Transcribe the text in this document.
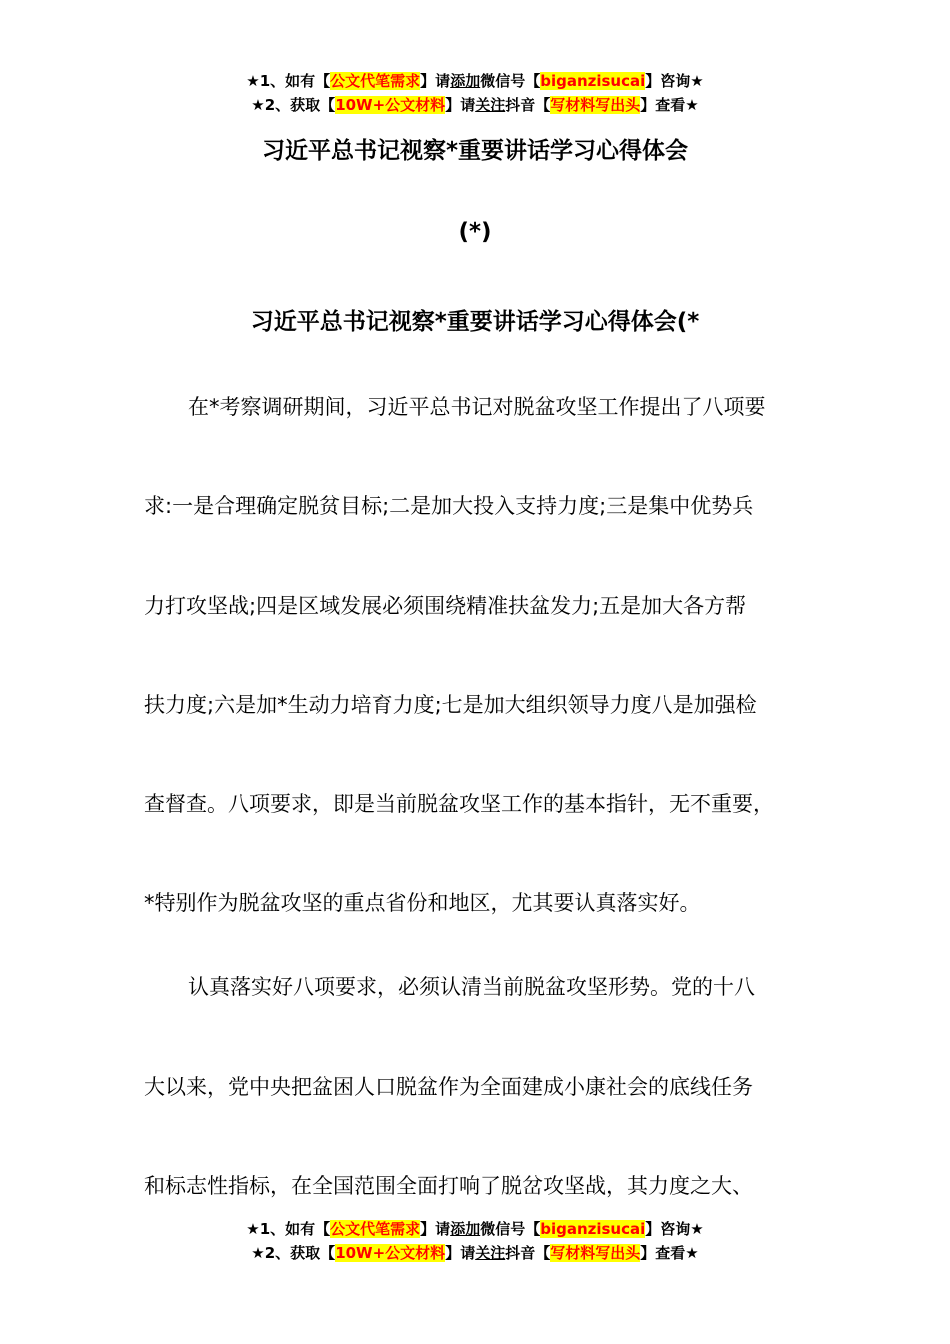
★1、如有【公文代笔需求】请添加微信号【biganzisucai】咨询★
★2、获取【10W+公文材料】请关注抖音【写材料写出头】查看★
习近平总书记视察*重要讲话学习心得体会
(*)
习近平总书记视察*重要讲话学习心得体会(*
在*考察调研期间，习近平总书记对脱盆攻坚工作提出了八项要
求:一是合理确定脱贫目标;二是加大投入支持力度;三是集中优势兵
力打攻坚战;四是区域发展必须围绕精准扶盆发力;五是加大各方帮
扶力度;六是加*生动力培育力度;七是加大组织领导力度八是加强检
查督查。八项要求，即是当前脱盆攻坚工作的基本指针，无不重要，
*特别作为脱盆攻坚的重点省份和地区，尤其要认真落实好。
认真落实好八项要求，必须认清当前脱盆攻坚形势。党的十八
大以来，党中央把盆困人口脱盆作为全面建成小康社会的底线任务
和标志性指标，在全国范围全面打响了脱岔攻坚战，其力度之大、
★1、如有【公文代笔需求】请添加微信号【biganzisucai】咨询★
★2、获取【10W+公文材料】请关注抖音【写材料写出头】查看★
